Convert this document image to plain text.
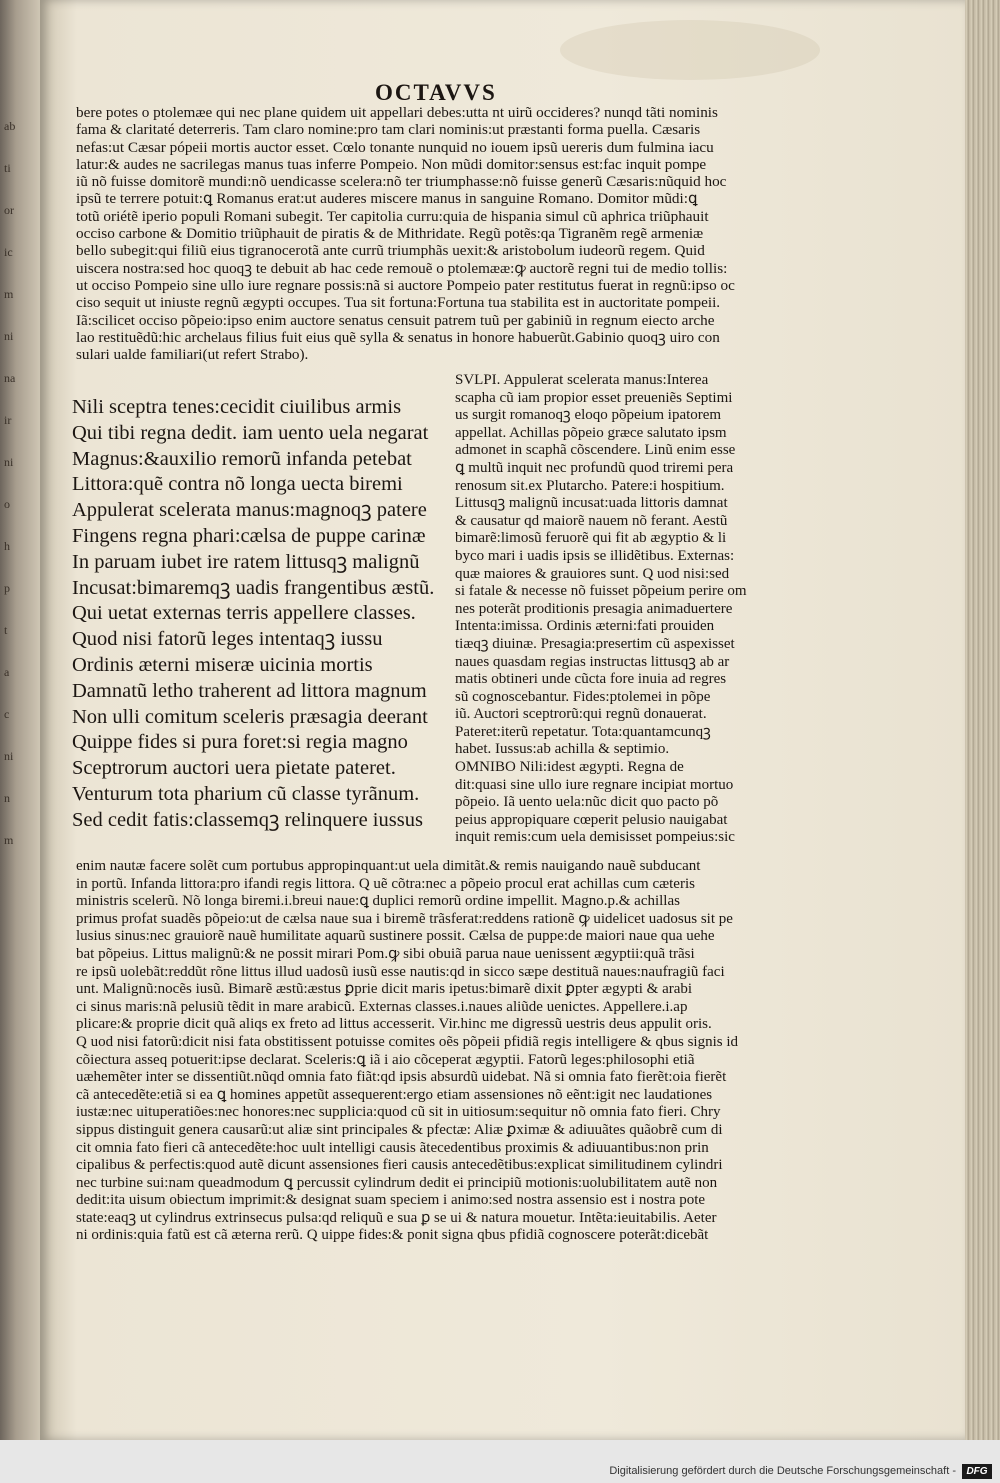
ab
ti
or
ic
m
ni
na
ir
ni
o
h
p
t
a
c
ni
n
m
OCTAVVS

bere potes o ptolemæe qui nec plane quidem uit appellari debes:utta nt uirũ occideres? nunqd tãti nominis

fama & claritaté deterreris. Tam claro nomine:pro tam clari nominis:ut præstanti forma puella. Cæsaris

nefas:ut Cæsar pópeii mortis auctor esset. Cœlo tonante nunquid no iouem ipsũ uereris dum fulmina iacu

latur:& audes ne sacrilegas manus tuas inferre Pompeio. Non mũdi domitor:sensus est:fac inquit pompe

iũ nõ fuisse domitorẽ mundi:nõ uendicasse scelera:nõ ter triumphasse:nõ fuisse generũ Cæsaris:nũquid hoc

ipsũ te terrere potuit:ꝗ Romanus erat:ut auderes miscere manus in sanguine Romano. Domitor mũdi:ꝗ

totũ oriétẽ iperio populi Romani subegit. Ter capitolia curru:quia de hispania simul cũ aphrica triũphauit

occiso carbone & Domitio triũphauit de piratis & de Mithridate. Regũ potẽs:qa Tigranẽm regẽ armeniæ

bello subegit:qui filiũ eius tigranocerotã ante currũ triumphãs uexit:& aristobolum iudeorũ regem. Quid

uiscera nostra:sed hoc quoqꝫ te debuit ab hac cede remouẽ o ptolemææ:ꝙ auctorẽ regni tui de medio tollis:

ut occiso Pompeio sine ullo iure regnare possis:nã si auctore Pompeio pater restitutus fuerat in regnũ:ipso oc

ciso sequit ut iniuste regnũ ægypti occupes. Tua sit fortuna:Fortuna tua stabilita est in auctoritate pompeii.

Iã:scilicet occiso põpeio:ipso enim auctore senatus censuit patrem tuũ per gabiniũ in regnum eiecto arche

lao restituẽdũ:hic archelaus filius fuit eius quẽ sylla & senatus in honore habuerũt.Gabinio quoqꝫ uiro con

sulari ualde familiari(ut refert Strabo).

Nili sceptra tenes:cecidit ciuilibus armis

Qui tibi regna dedit. iam uento uela negarat

Magnus:&auxilio remorũ infanda petebat

Littora:quẽ contra nõ longa uecta biremi

Appulerat scelerata manus:magnoqꝫ patere

Fingens regna phari:cælsa de puppe carinæ

In paruam iubet ire ratem littusqꝫ malignũ

Incusat:bimaremqꝫ uadis frangentibus æstũ.

Qui uetat externas terris appellere classes.

Quod nisi fatorũ leges intentaqꝫ iussu

Ordinis æterni miseræ uicinia mortis

Damnatũ letho traherent ad littora magnum

Non ulli comitum sceleris præsagia deerant

Quippe fides si pura foret:si regia magno

Sceptrorum auctori uera pietate pateret.

Venturum tota pharium cũ classe tyrãnum.

Sed cedit fatis:classemqꝫ relinquere iussus

SVLPI. Appulerat scelerata manus:Interea

scapha cũ iam propior esset preueniẽs Septimi

us surgit romanoqꝫ eloqo põpeium ipatorem

appellat. Achillas põpeio græce salutato ipsm

admonet in scaphã cõscendere. Linũ enim esse

ꝗ multũ inquit nec profundũ quod triremi pera

renosum sit.ex Plutarcho. Patere:i hospitium.

Littusqꝫ malignũ incusat:uada littoris damnat

& causatur qd maiorẽ nauem nõ ferant. Aestũ

bimarẽ:limosũ feruorẽ qui fit ab ægyptio & li

byco mari i uadis ipsis se illidẽtibus. Externas:

quæ maiores & grauiores sunt. Q uod nisi:sed

si fatale & necesse nõ fuisset põpeium perire om

nes poterãt proditionis presagia animaduertere

Intenta:imissa. Ordinis æterni:fati prouiden

tiæqꝫ diuinæ. Presagia:presertim cũ aspexisset

naues quasdam regias instructas littusqꝫ ab ar

matis obtineri unde cũcta fore inuia ad regres

sũ cognoscebantur. Fides:ptolemei in põpe

iũ. Auctori sceptrorũ:qui regnũ donauerat.

Pateret:iterũ repetatur. Tota:quantamcunqꝫ

habet. Iussus:ab achilla & septimio.

OMNIBO Nili:idest ægypti. Regna de

dit:quasi sine ullo iure regnare incipiat mortuo

põpeio. Iã uento uela:nũc dicit quo pacto põ

peius appropiquare cœperit pelusio nauigabat

inquit remis:cum uela demisisset pompeius:sic

enim nautæ facere solẽt cum portubus appropinquant:ut uela dimitãt.& remis nauigando nauẽ subducant

in portũ. Infanda littora:pro ifandi regis littora. Q uẽ cõtra:nec a põpeio procul erat achillas cum cæteris

ministris scelerũ. Nõ longa biremi.i.breui naue:ꝗ duplici remorũ ordine impellit. Magno.p.& achillas

primus profat suadẽs põpeio:ut de cælsa naue sua i biremẽ trãsferat:reddens rationẽ ꝙ uidelicet uadosus sit pe

lusius sinus:nec grauiorẽ nauẽ humilitate aquarũ sustinere possit. Cælsa de puppe:de maiori naue qua uehe

bat põpeius. Littus malignũ:& ne possit mirari Pom.ꝙ sibi obuiã parua naue uenissent ægyptii:quã trãsi

re ipsũ uolebãt:reddũt rõne littus illud uadosũ iusũ esse nautis:qd in sicco sæpe destituã naues:naufragiũ faci

unt. Malignũ:nocẽs iusũ. Bimarẽ æstũ:æstus ꝑprie dicit maris ipetus:bimarẽ dixit ꝑpter ægypti & arabi

ci sinus maris:nã pelusiũ tẽdit in mare arabicũ. Externas classes.i.naues aliũde uenictes. Appellere.i.ap

plicare:& proprie dicit quã aliqs ex freto ad littus accesserit. Vir.hinc me digressũ uestris deus appulit oris.

Q uod nisi fatorũ:dicit nisi fata obstitissent potuisse comites oẽs põpeii pfidiã regis intelligere & qbus signis id

cõiectura asseq potuerit:ipse declarat. Sceleris:ꝗ iã i aio cõceperat ægyptii. Fatorũ leges:philosophi etiã

uæhemẽter inter se dissentiũt.nũqd omnia fato fiãt:qd ipsis absurdũ uidebat. Nã si omnia fato fierẽt:oia fierẽt

cã antecedẽte:etiã si ea ꝗ homines appetũt assequerent:ergo etiam assensiones nõ eẽnt:igit nec laudationes

iustæ:nec uituperatiões:nec honores:nec supplicia:quod cũ sit in uitiosum:sequitur nõ omnia fato fieri. Chry

sippus distinguit genera causarũ:ut aliæ sint principales & pfectæ: Aliæ ꝑximæ & adiuuãtes quãobrẽ cum di

cit omnia fato fieri cã antecedẽte:hoc uult intelligi causis ãtecedentibus proximis & adiuuantibus:non prin

cipalibus & perfectis:quod autẽ dicunt assensiones fieri causis antecedẽtibus:explicat similitudinem cylindri

nec turbine sui:nam queadmodum ꝗ percussit cylindrum dedit ei principiũ motionis:uolubilitatem autẽ non

dedit:ita uisum obiectum imprimit:& designat suam speciem i animo:sed nostra assensio est i nostra pote

state:eaqꝫ ut cylindrus extrinsecus pulsa:qd reliquũ e sua ꝑ se ui & natura mouetur. Intẽta:ieuitabilis. Aeter

ni ordinis:quia fatũ est cã æterna rerũ. Q uippe fides:& ponit signa qbus pfidiã cognoscere poterãt:dicebãt

Digitalisierung gefördert durch die Deutsche Forschungsgemeinschaft -	DFG
